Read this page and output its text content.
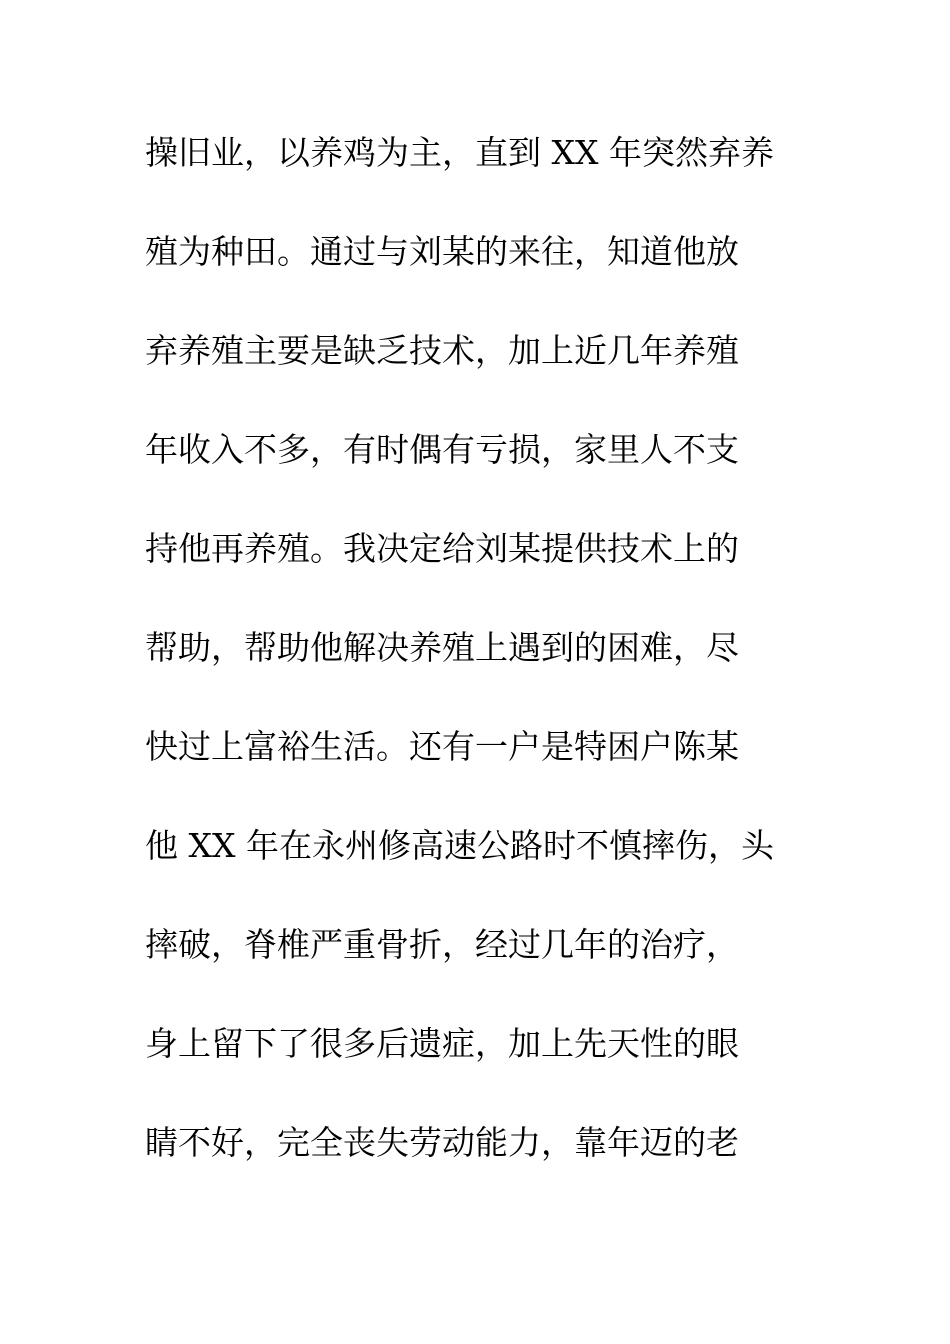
操旧业，以养鸡为主，直到 XX 年突然弃养
殖为种田。通过与刘某的来往，知道他放
弃养殖主要是缺乏技术，加上近几年养殖
年收入不多，有时偶有亏损，家里人不支
持他再养殖。我决定给刘某提供技术上的
帮助，帮助他解决养殖上遇到的困难，尽
快过上富裕生活。还有一户是特困户陈某
他 XX 年在永州修高速公路时不慎摔伤，头
摔破，脊椎严重骨折，经过几年的治疗，
身上留下了很多后遗症，加上先天性的眼
睛不好，完全丧失劳动能力，靠年迈的老
